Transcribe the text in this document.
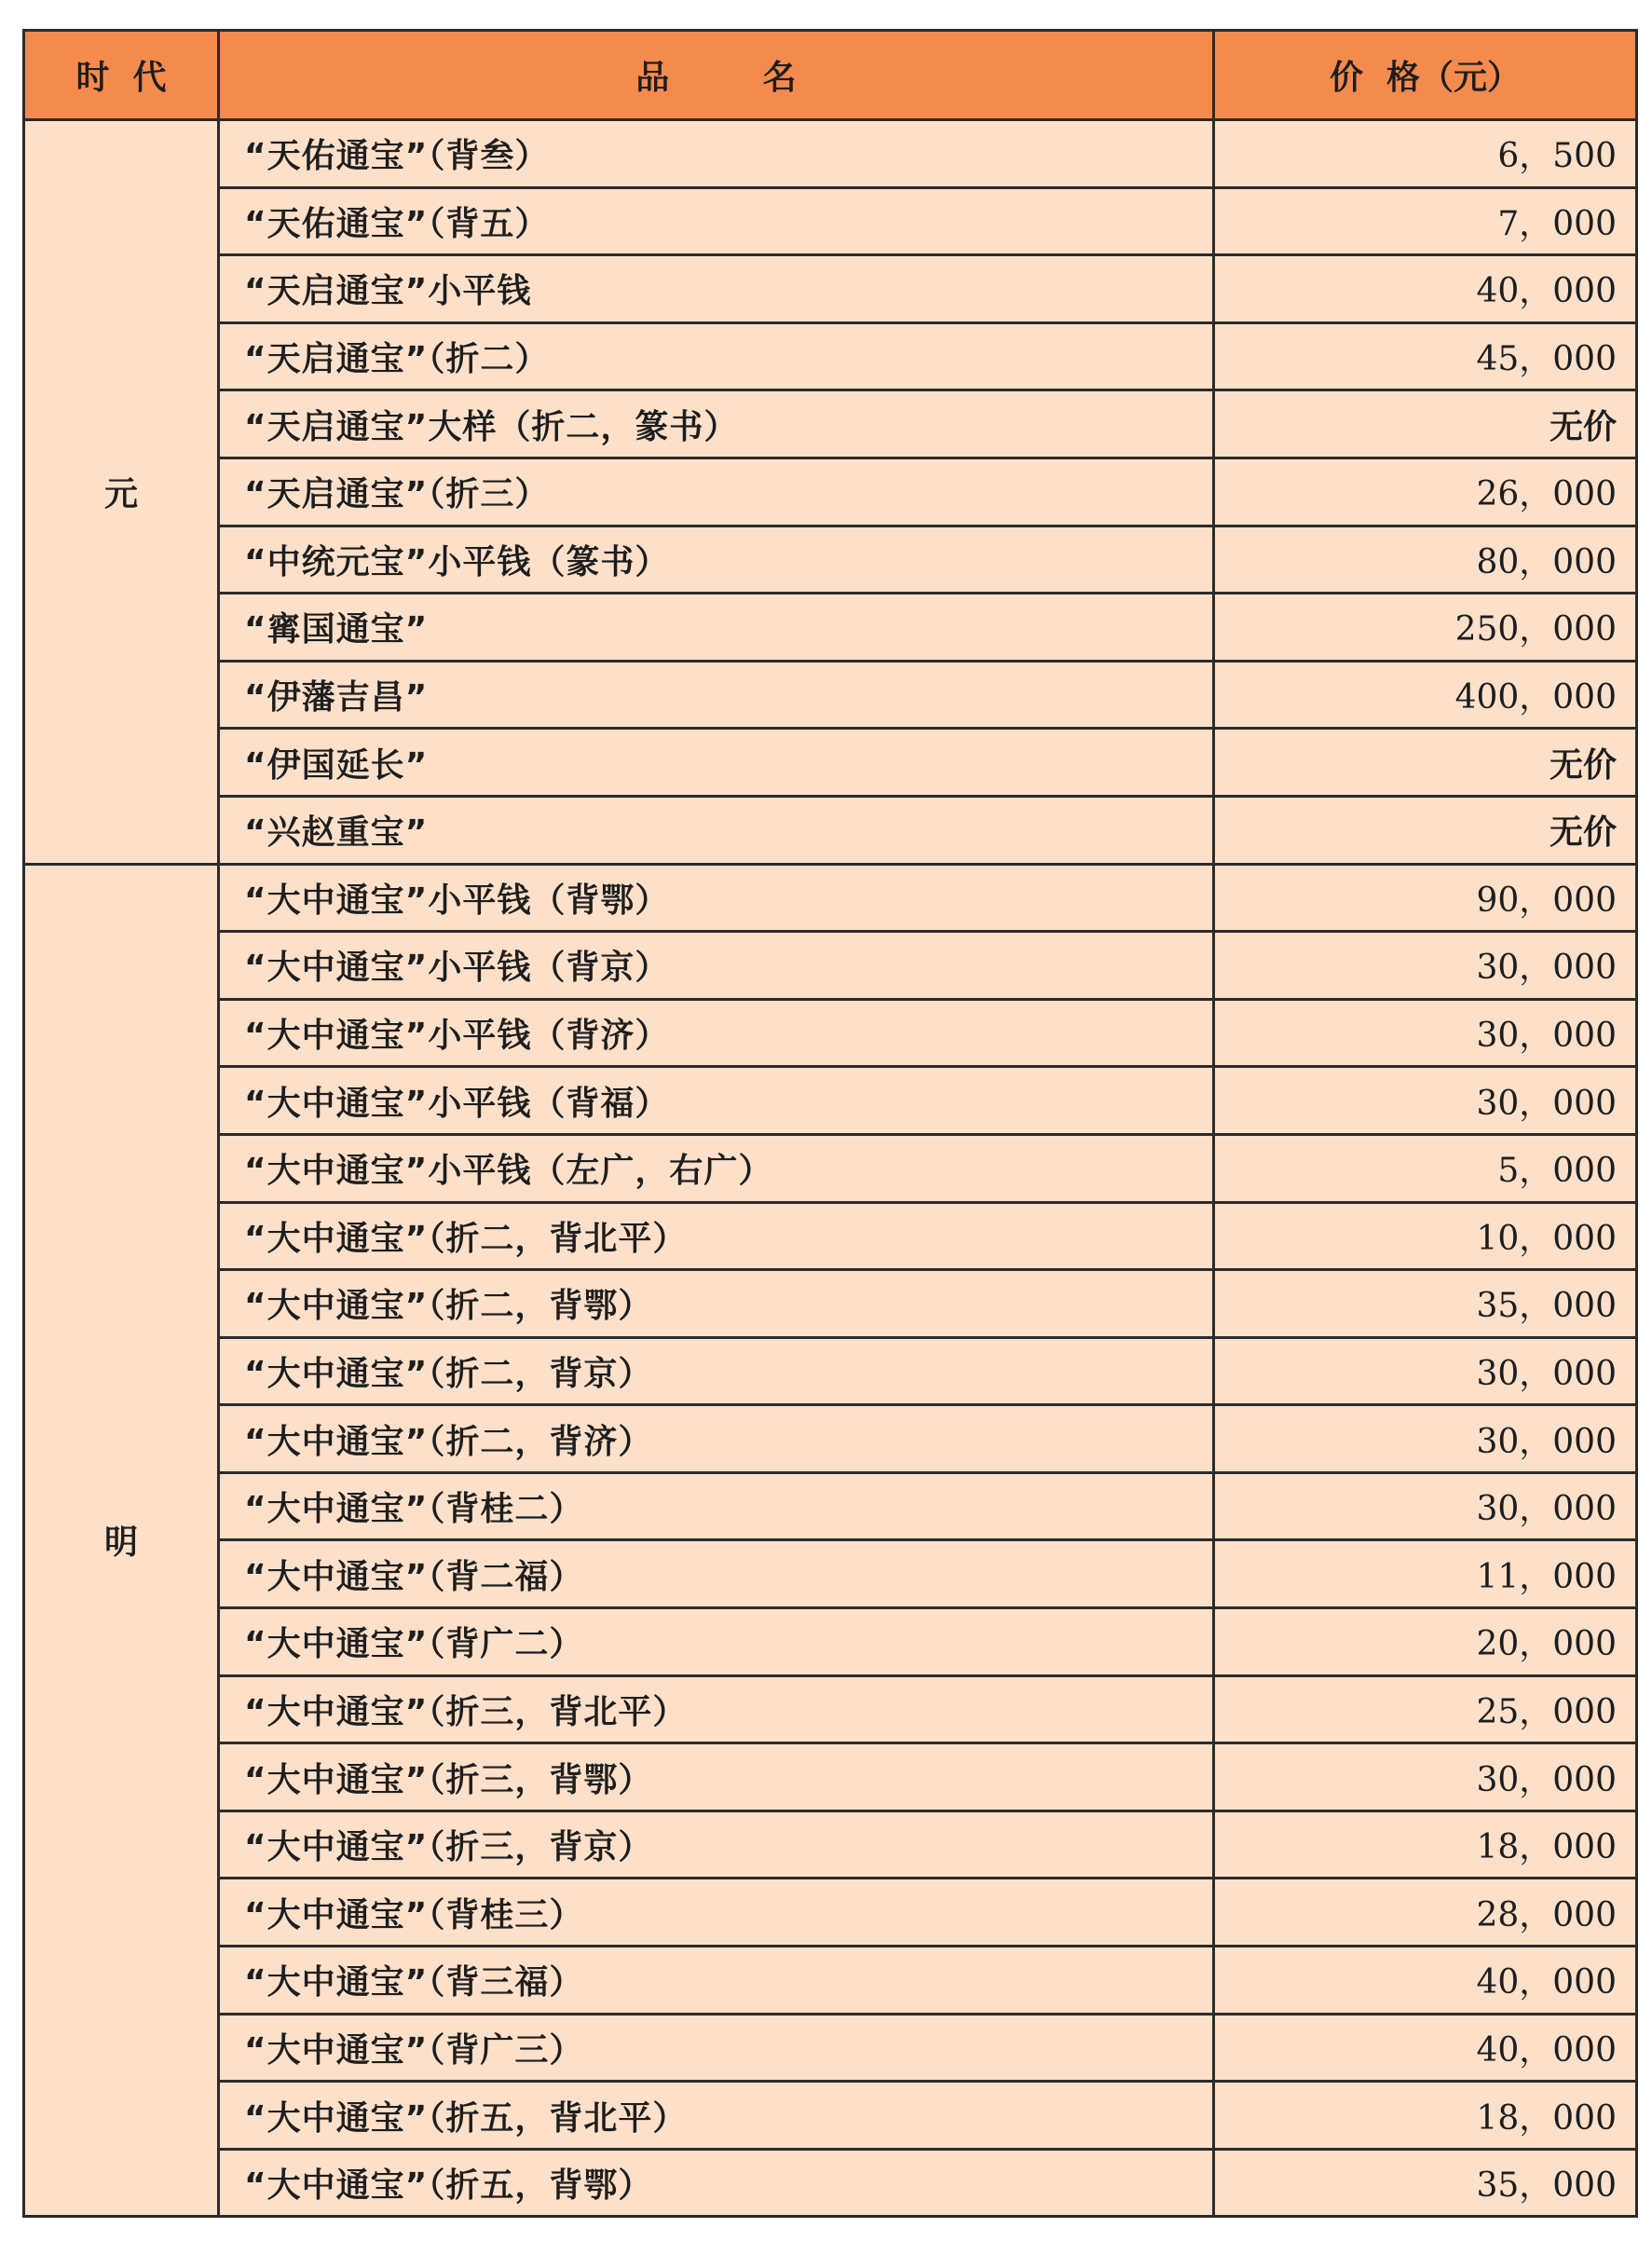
时  代	品        名	价  格（元）
元	“天佑通宝”（背叁）	6，500
	“天佑通宝”（背五）	7，000
	“天启通宝”小平钱	40，000
	“天启通宝”（折二）	45，000
	“天启通宝”大样（折二，篆书）	无价
	“天启通宝”（折三）	26，000
	“中统元宝”小平钱（篆书）	80，000
	“寗国通宝”	250，000
	“伊藩吉昌”	400，000
	“伊国延长”	无价
	“兴赵重宝”	无价
明	“大中通宝”小平钱（背鄂）	90，000
	“大中通宝”小平钱（背京）	30，000
	“大中通宝”小平钱（背济）	30，000
	“大中通宝”小平钱（背福）	30，000
	“大中通宝”小平钱（左广，右广）	5，000
	“大中通宝”（折二，背北平）	10，000
	“大中通宝”（折二，背鄂）	35，000
	“大中通宝”（折二，背京）	30，000
	“大中通宝”（折二，背济）	30，000
	“大中通宝”（背桂二）	30，000
	“大中通宝”（背二福）	11，000
	“大中通宝”（背广二）	20，000
	“大中通宝”（折三，背北平）	25，000
	“大中通宝”（折三，背鄂）	30，000
	“大中通宝”（折三，背京）	18，000
	“大中通宝”（背桂三）	28，000
	“大中通宝”（背三福）	40，000
	“大中通宝”（背广三）	40，000
	“大中通宝”（折五，背北平）	18，000
	“大中通宝”（折五，背鄂）	35，000
